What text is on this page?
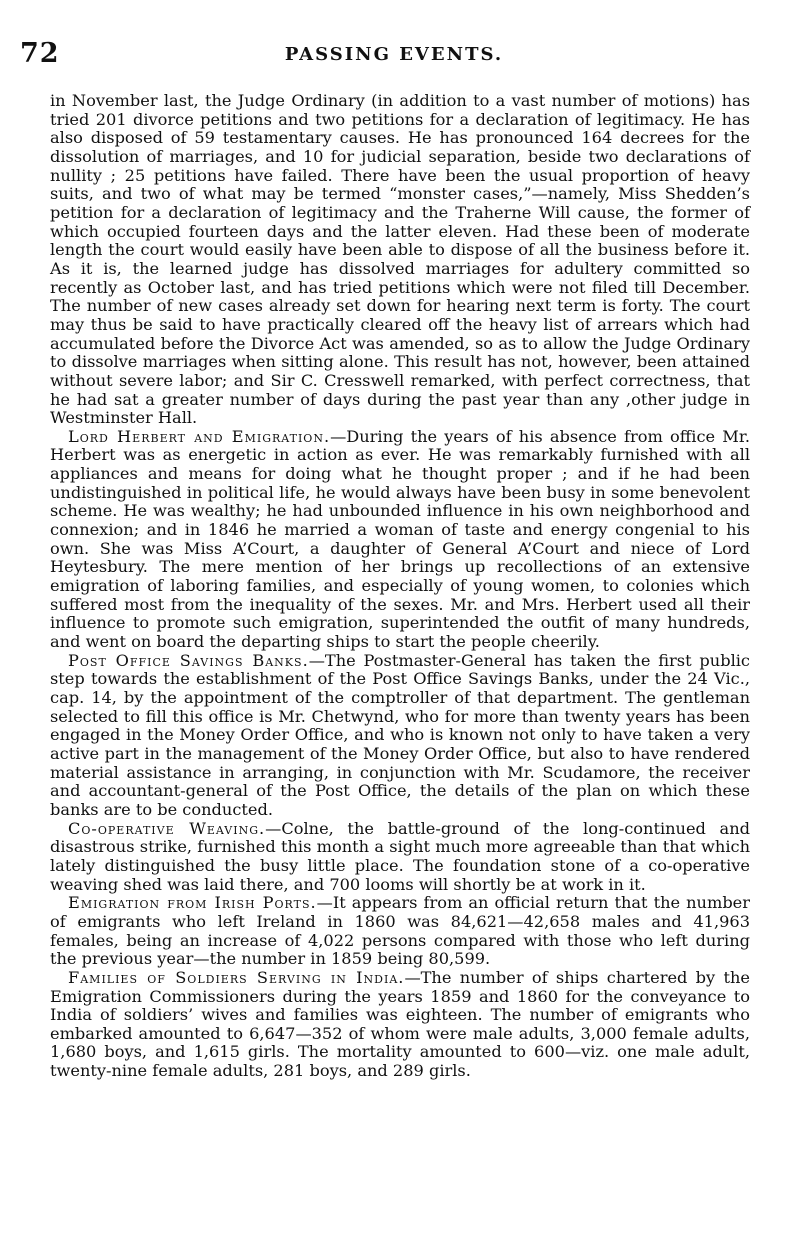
72	PASSING EVENTS.

in November last, the Judge Ordinary (in addition to a vast number of motions) has tried 201 divorce petitions and two petitions for a declaration of legitimacy. He has also disposed of 59 testamentary causes. He has pronounced 164 decrees for the dissolution of marriages, and 10 for judicial separation, beside two declarations of nullity ; 25 petitions have failed. There have been the usual proportion of heavy suits, and two of what may be termed “monster cases,”—namely, Miss Shedden’s petition for a declaration of legitimacy and the Traherne Will cause, the former of which occupied fourteen days and the latter eleven. Had these been of moderate length the court would easily have been able to dispose of all the business before it. As it is, the learned judge has dissolved marriages for adultery committed so recently as October last, and has tried petitions which were not filed till December. The number of new cases already set down for hearing next term is forty. The court may thus be said to have practically cleared off the heavy list of arrears which had accumulated before the Divorce Act was amended, so as to allow the Judge Ordinary to dissolve marriages when sitting alone. This result has not, however, been attained without severe labor; and Sir C. Cresswell remarked, with perfect correctness, that he had sat a greater number of days during the past year than any ,other judge in Westminster Hall.

Lord Herbert and Emigration.—During the years of his absence from office Mr. Herbert was as energetic in action as ever. He was remarkably furnished with all appliances and means for doing what he thought proper ; and if he had been undistinguished in political life, he would always have been busy in some benevolent scheme. He was wealthy; he had unbounded influence in his own neighborhood and connexion; and in 1846 he married a woman of taste and energy congenial to his own. She was Miss A’Court, a daughter of General A’Court and niece of Lord Heytesbury. The mere mention of her brings up recollections of an extensive emigration of laboring families, and especially of young women, to colonies which suffered most from the inequality of the sexes. Mr. and Mrs. Herbert used all their influence to promote such emigration, superintended the outfit of many hundreds, and went on board the departing ships to start the people cheerily.

Post Office Savings Banks.—The Postmaster-General has taken the first public step towards the establishment of the Post Office Savings Banks, under the 24 Vic., cap. 14, by the appointment of the comptroller of that department. The gentleman selected to fill this office is Mr. Chetwynd, who for more than twenty years has been engaged in the Money Order Office, and who is known not only to have taken a very active part in the management of the Money Order Office, but also to have rendered material assistance in arranging, in conjunction with Mr. Scudamore, the receiver and accountant-general of the Post Office, the details of the plan on which these banks are to be conducted.

Co-operative Weaving.—Colne, the battle-ground of the long-continued and disastrous strike, furnished this month a sight much more agreeable than that which lately distinguished the busy little place. The foundation stone of a co-operative weaving shed was laid there, and 700 looms will shortly be at work in it.

Emigration from Irish Ports.—It appears from an official return that the number of emigrants who left Ireland in 1860 was 84,621—42,658 males and 41,963 females, being an increase of 4,022 persons compared with those who left during the previous year—the number in 1859 being 80,599.

Families of Soldiers Serving in India.—The number of ships chartered by the Emigration Commissioners during the years 1859 and 1860 for the conveyance to India of soldiers’ wives and families was eighteen. The number of emigrants who embarked amounted to 6,647—352 of whom were male adults, 3,000 female adults, 1,680 boys, and 1,615 girls. The mortality amounted to 600—viz. one male adult, twenty-nine female adults, 281 boys, and 289 girls.
